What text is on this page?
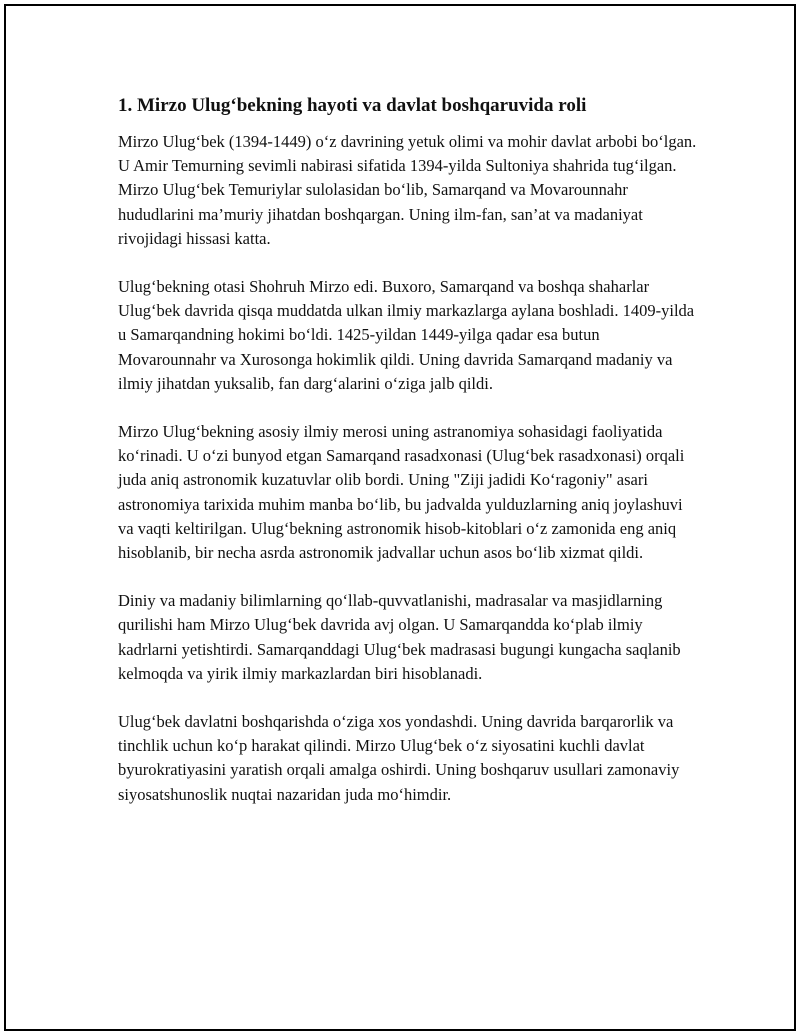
1. Mirzo Ulug‘bekning hayoti va davlat boshqaruvida roli

Mirzo Ulug‘bek (1394-1449) o‘z davrining yetuk olimi va mohir davlat arbobi bo‘lgan. U Amir Temurning sevimli nabirasi sifatida 1394-yilda Sultoniya shahrida tug‘ilgan. Mirzo Ulug‘bek Temuriylar sulolasidan bo‘lib, Samarqand va Movarounnahr hududlarini ma’muriy jihatdan boshqargan. Uning ilm-fan, san’at va madaniyat rivojidagi hissasi katta.

Ulug‘bekning otasi Shohruh Mirzo edi. Buxoro, Samarqand va boshqa shaharlar Ulug‘bek davrida qisqa muddatda ulkan ilmiy markazlarga aylana boshladi. 1409-yilda u Samarqandning hokimi bo‘ldi. 1425-yildan 1449-yilga qadar esa butun Movarounnahr va Xurosonga hokimlik qildi. Uning davrida Samarqand madaniy va ilmiy jihatdan yuksalib, fan darg‘alarini o‘ziga jalb qildi.

Mirzo Ulug‘bekning asosiy ilmiy merosi uning astranomiya sohasidagi faoliyatida ko‘rinadi. U o‘zi bunyod etgan Samarqand rasadxonasi (Ulug‘bek rasadxonasi) orqali juda aniq astronomik kuzatuvlar olib bordi. Uning "Ziji jadidi Ko‘ragoniy" asari astronomiya tarixida muhim manba bo‘lib, bu jadvalda yulduzlarning aniq joylashuvi va vaqti keltirilgan. Ulug‘bekning astronomik hisob-kitoblari o‘z zamonida eng aniq hisoblanib, bir necha asrda astronomik jadvallar uchun asos bo‘lib xizmat qildi.

Diniy va madaniy bilimlarning qo‘llab-quvvatlanishi, madrasalar va masjidlarning qurilishi ham Mirzo Ulug‘bek davrida avj olgan. U Samarqandda ko‘plab ilmiy kadrlarni yetishtirdi. Samarqanddagi Ulug‘bek madrasasi bugungi kungacha saqlanib kelmoqda va yirik ilmiy markazlardan biri hisoblanadi.

Ulug‘bek davlatni boshqarishda o‘ziga xos yondashdi. Uning davrida barqarorlik va tinchlik uchun ko‘p harakat qilindi. Mirzo Ulug‘bek o‘z siyosatini kuchli davlat byurokratiyasini yaratish orqali amalga oshirdi. Uning boshqaruv usullari zamonaviy siyosatshunoslik nuqtai nazaridan juda mo‘himdir.
